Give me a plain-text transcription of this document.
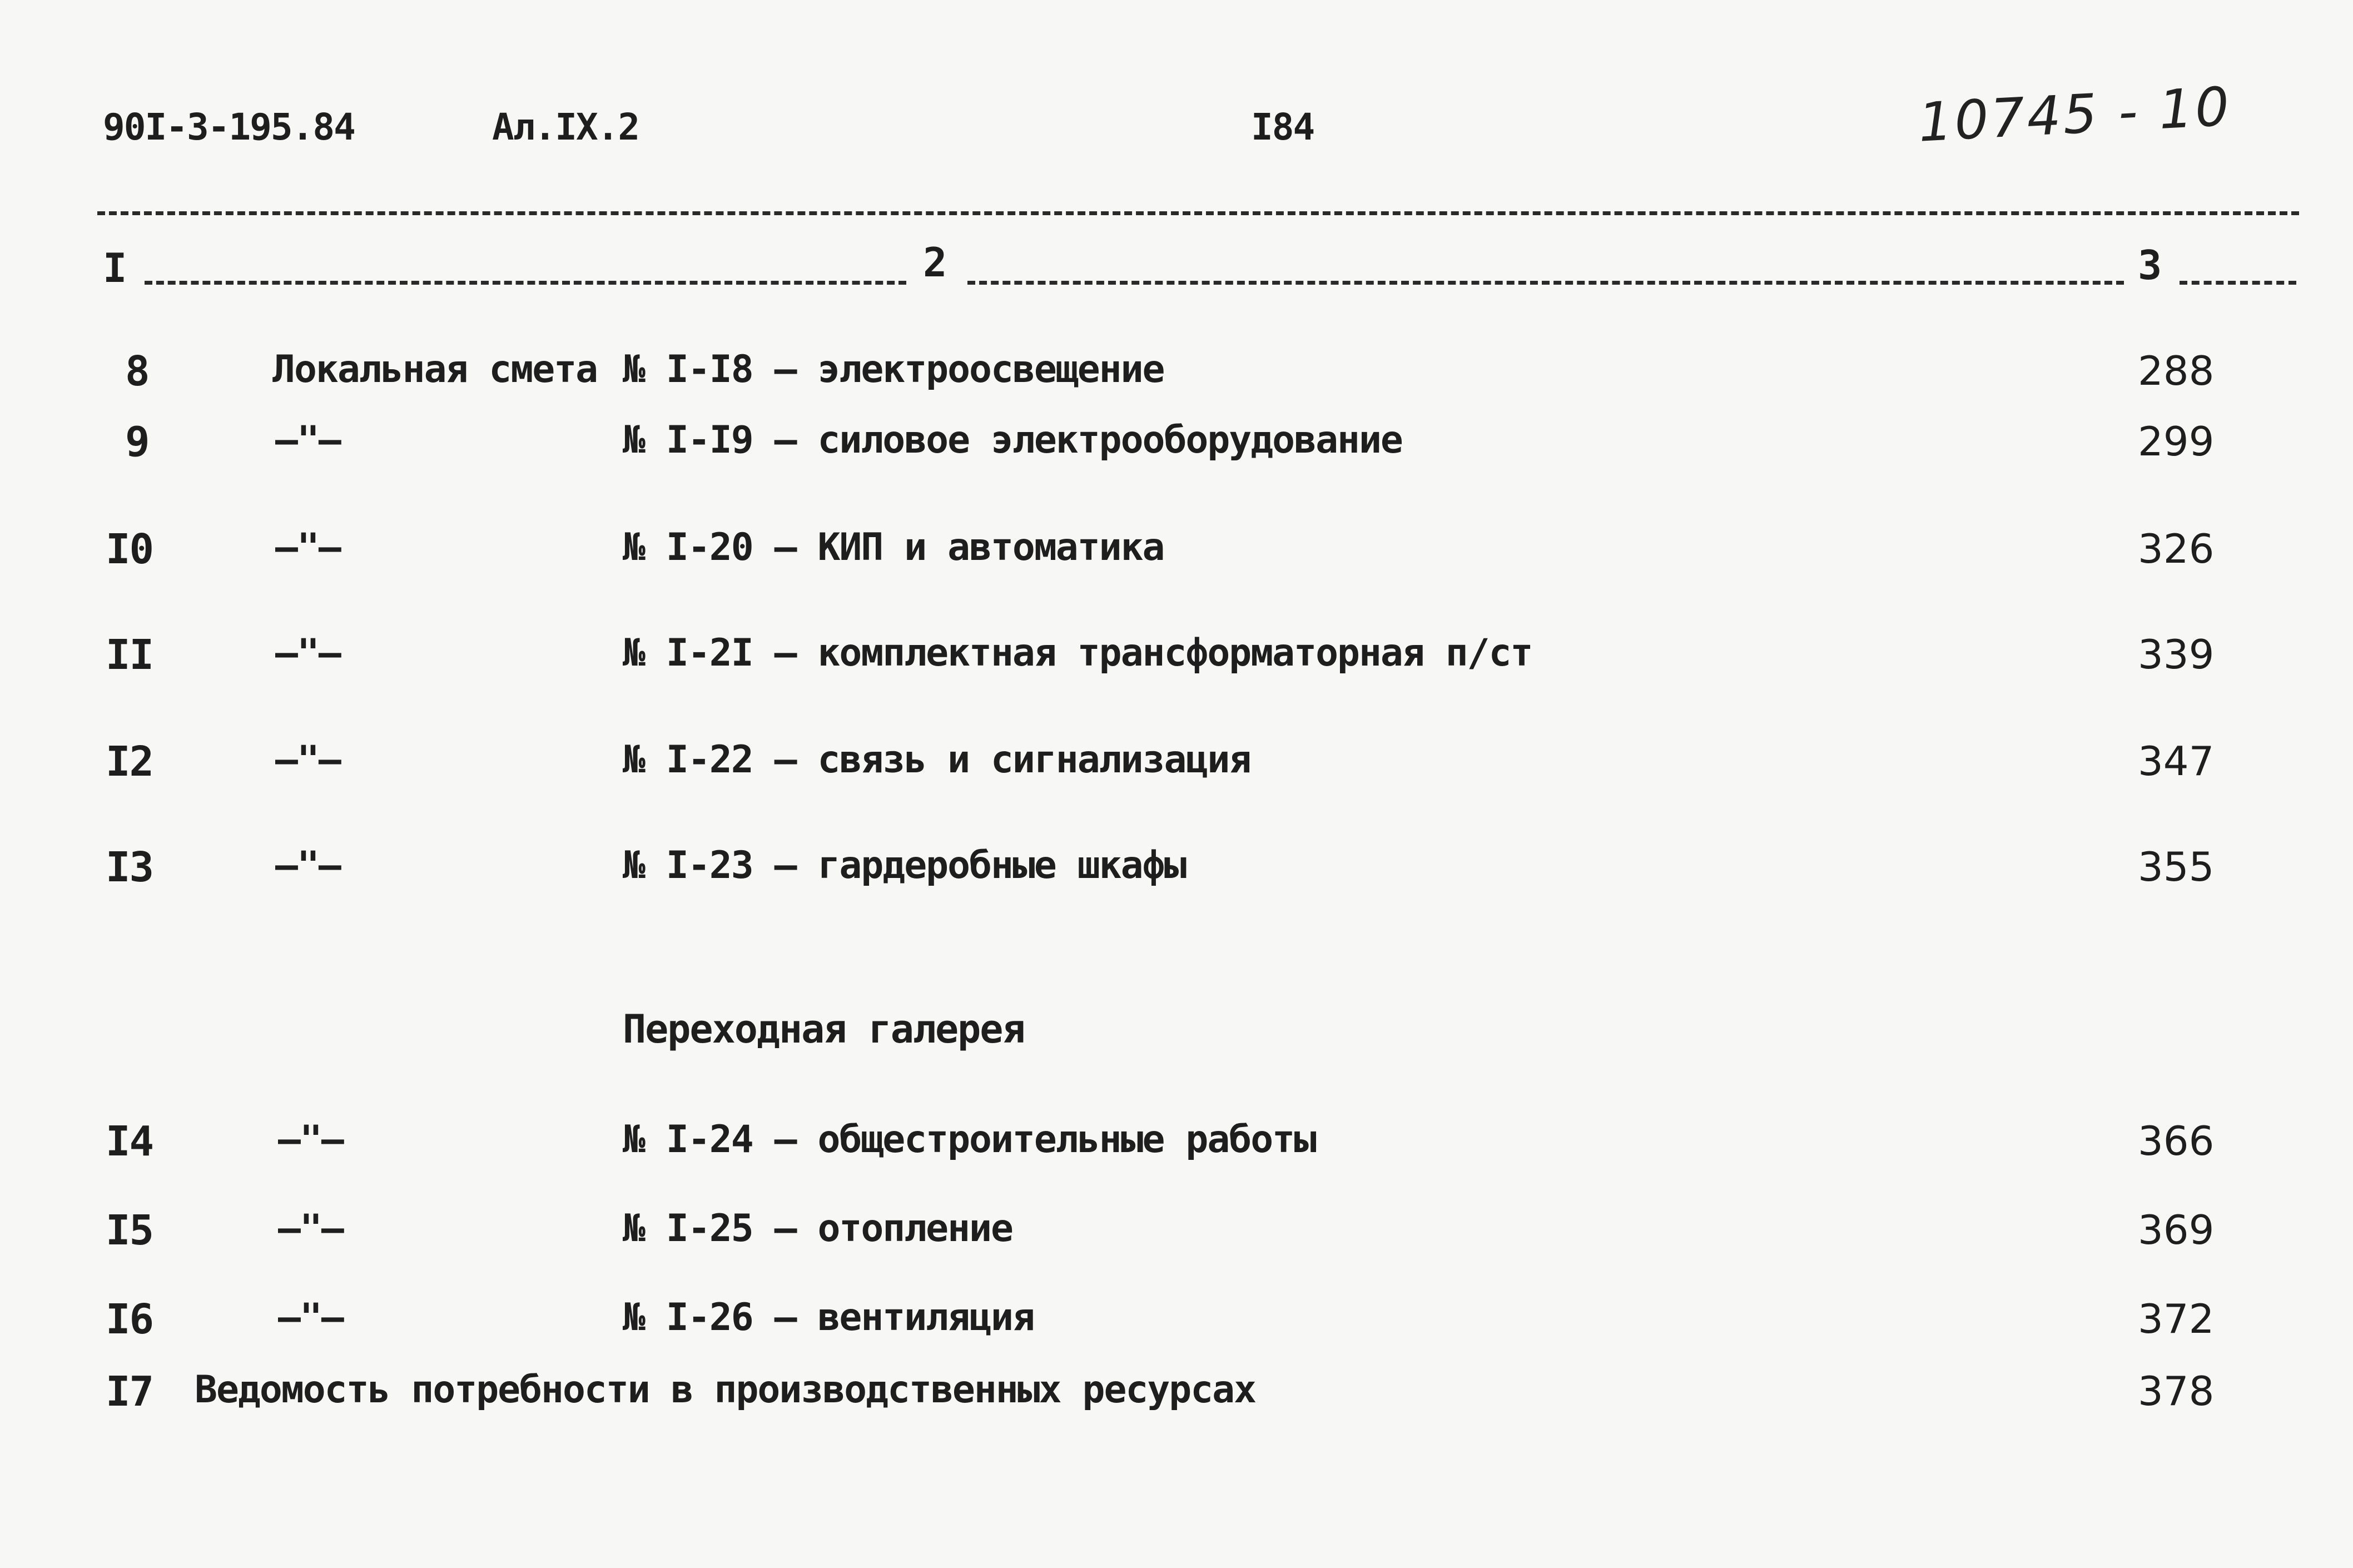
90I-3-195.84	Ал.IX.2	I84	10745 - 10
I	2	3
8	Локальная смета № I-I8 – электроосвещение	288
9	–"–	№ I-I9 – силовое электрооборудование	299
I0	–"–	№ I-20 – КИП и автоматика	326
II	–"–	№ I-2I – комплектная трансформаторная п/ст	339
I2	–"–	№ I-22 – связь и сигнализация	347
I3	–"–	№ I-23 – гардеробные шкафы	355
Переходная галерея
I4	–"–	№ I-24 – общестроительные работы	366
I5	–"–	№ I-25 – отопление	369
I6	–"–	№ I-26 – вентиляция	372
I7 Ведомость потребности в производственных ресурсах	378
